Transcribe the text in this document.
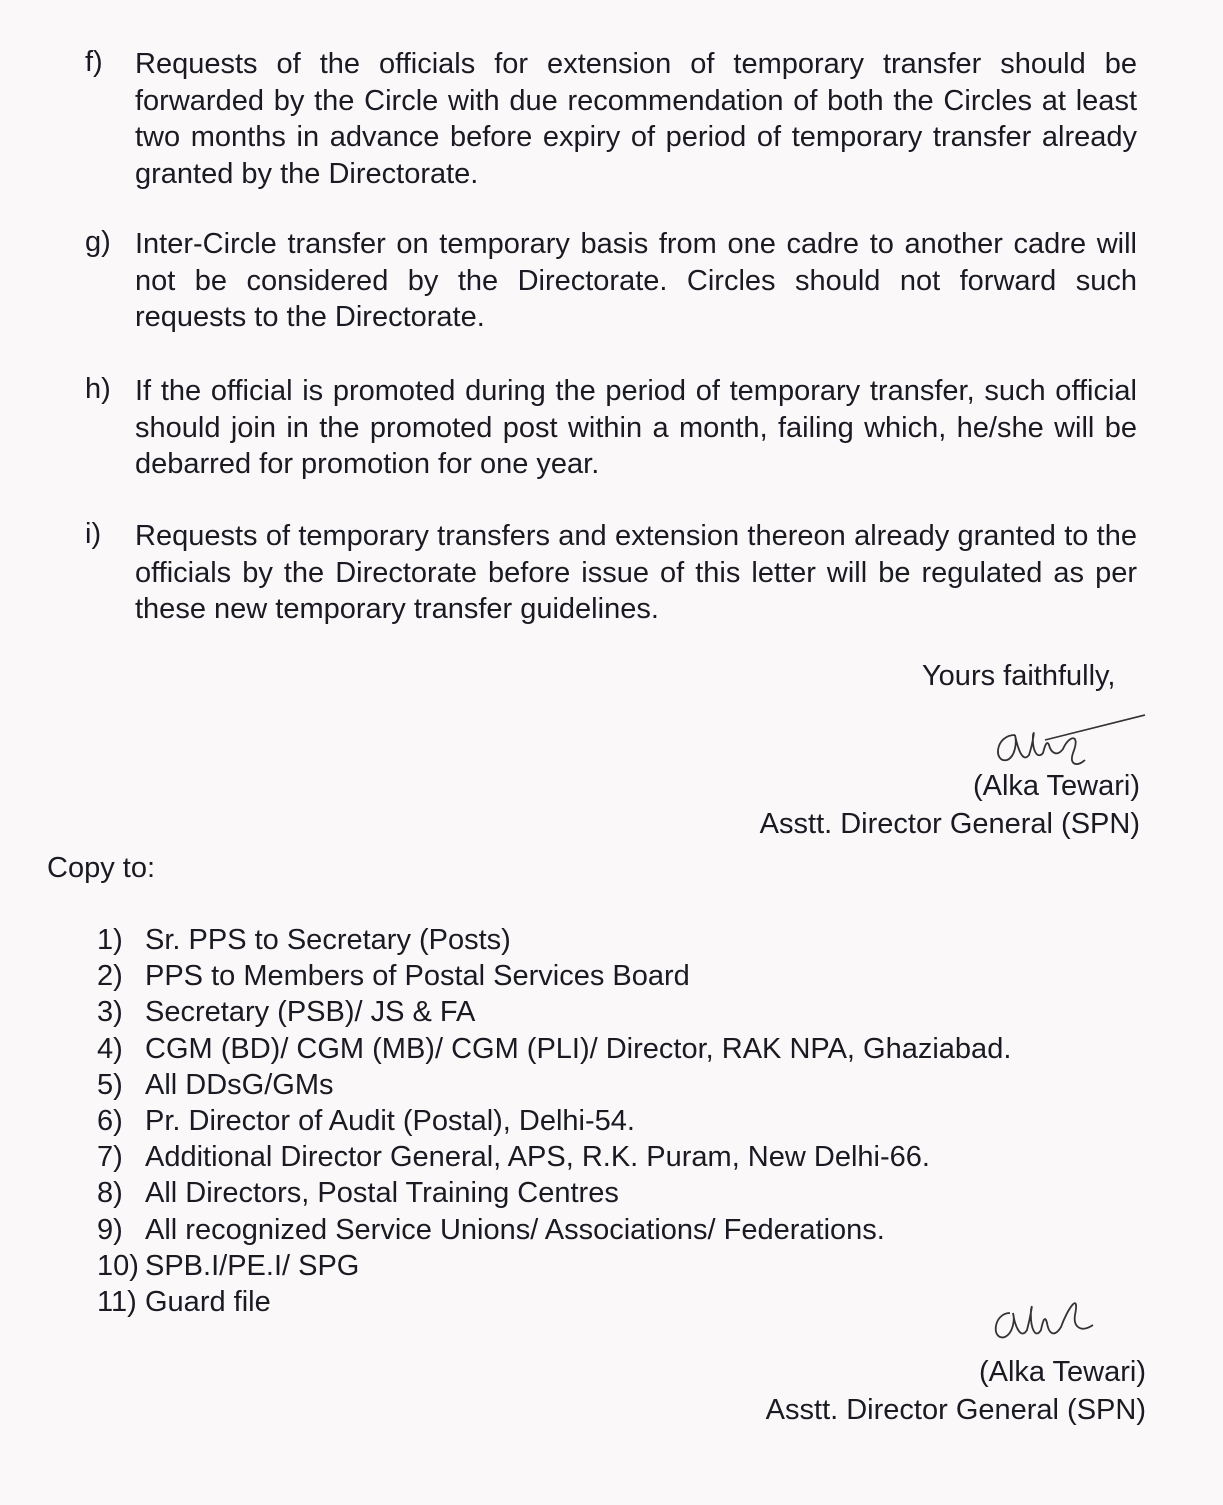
f) Requests of the officials for extension of temporary transfer should be forwarded by the Circle with due recommendation of both the Circles at least two months in advance before expiry of period of temporary transfer already granted by the Directorate.
g) Inter-Circle transfer on temporary basis from one cadre to another cadre will not be considered by the Directorate. Circles should not forward such requests to the Directorate.
h) If the official is promoted during the period of temporary transfer, such official should join in the promoted post within a month, failing which, he/she will be debarred for promotion for one year.
i) Requests of temporary transfers and extension thereon already granted to the officials by the Directorate before issue of this letter will be regulated as per these new temporary transfer guidelines.
Yours faithfully,
(Alka Tewari)
Asstt. Director General (SPN)
Copy to:
1) Sr. PPS to Secretary (Posts)
2) PPS to Members of Postal Services Board
3) Secretary (PSB)/ JS & FA
4) CGM (BD)/ CGM (MB)/ CGM (PLI)/ Director, RAK NPA, Ghaziabad.
5) All DDsG/GMs
6) Pr. Director of Audit (Postal), Delhi-54.
7) Additional Director General, APS, R.K. Puram, New Delhi-66.
8) All Directors, Postal Training Centres
9) All recognized Service Unions/ Associations/ Federations.
10) SPB.I/PE.I/ SPG
11) Guard file
(Alka Tewari)
Asstt. Director General (SPN)
